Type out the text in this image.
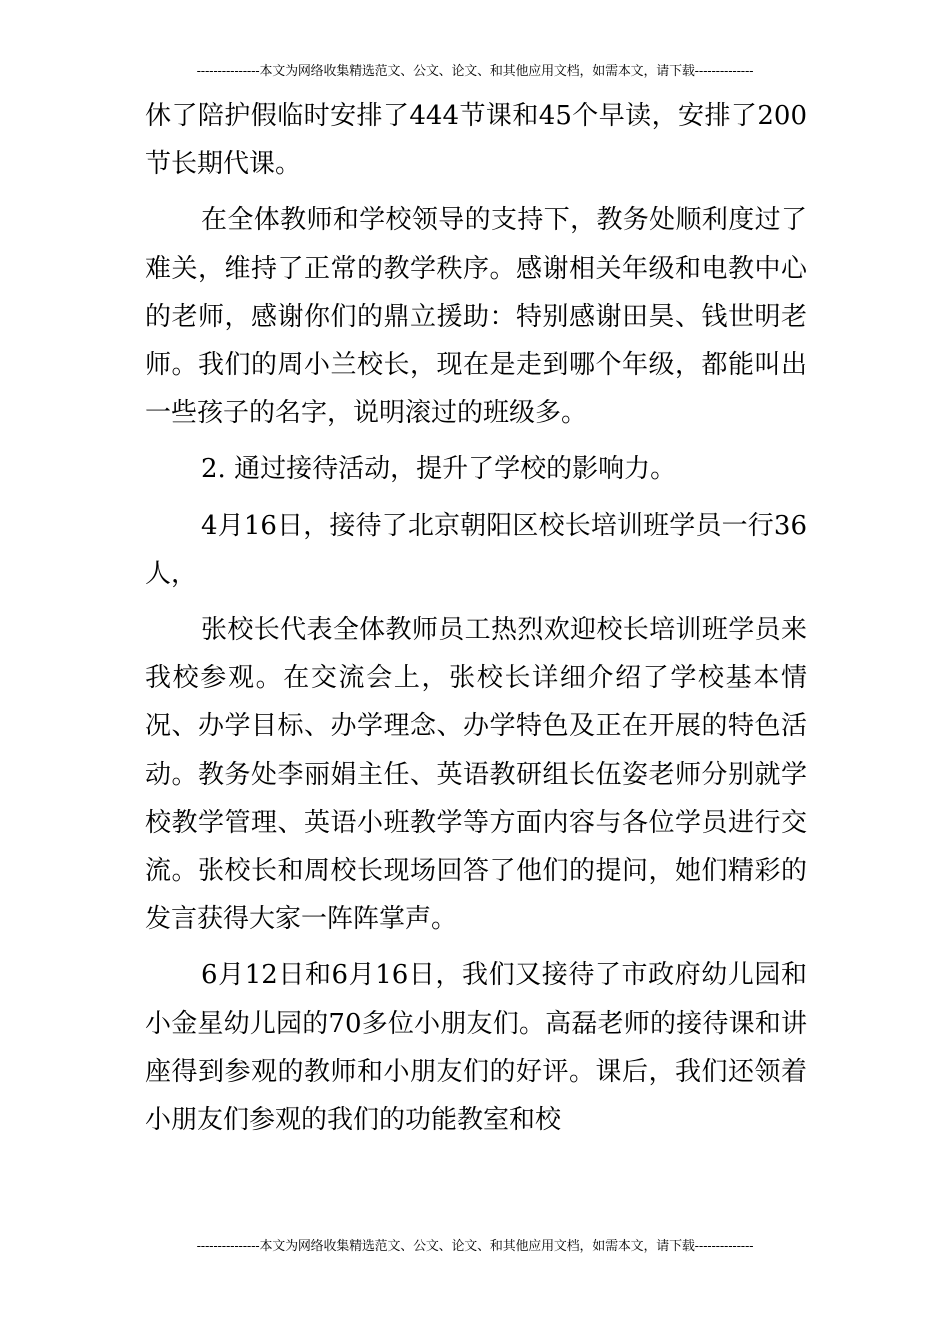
---------------本文为网络收集精选范文、公文、论文、和其他应用文档，如需本文，请下载--------------

休了陪护假临时安排了444节课和45个早读，安排了200节长期代课。

在全体教师和学校领导的支持下，教务处顺利度过了难关，维持了正常的教学秩序。感谢相关年级和电教中心的老师，感谢你们的鼎立援助：特别感谢田昊、钱世明老师。我们的周小兰校长，现在是走到哪个年级，都能叫出一些孩子的名字，说明滚过的班级多。

2. 通过接待活动，提升了学校的影响力。

4月16日，接待了北京朝阳区校长培训班学员一行36人，

张校长代表全体教师员工热烈欢迎校长培训班学员来我校参观。在交流会上，张校长详细介绍了学校基本情况、办学目标、办学理念、办学特色及正在开展的特色活动。教务处李丽娟主任、英语教研组长伍姿老师分别就学校教学管理、英语小班教学等方面内容与各位学员进行交流。张校长和周校长现场回答了他们的提问，她们精彩的发言获得大家一阵阵掌声。

6月12日和6月16日，我们又接待了市政府幼儿园和小金星幼儿园的70多位小朋友们。高磊老师的接待课和讲座得到参观的教师和小朋友们的好评。课后，我们还领着小朋友们参观的我们的功能教室和校

---------------本文为网络收集精选范文、公文、论文、和其他应用文档，如需本文，请下载--------------
